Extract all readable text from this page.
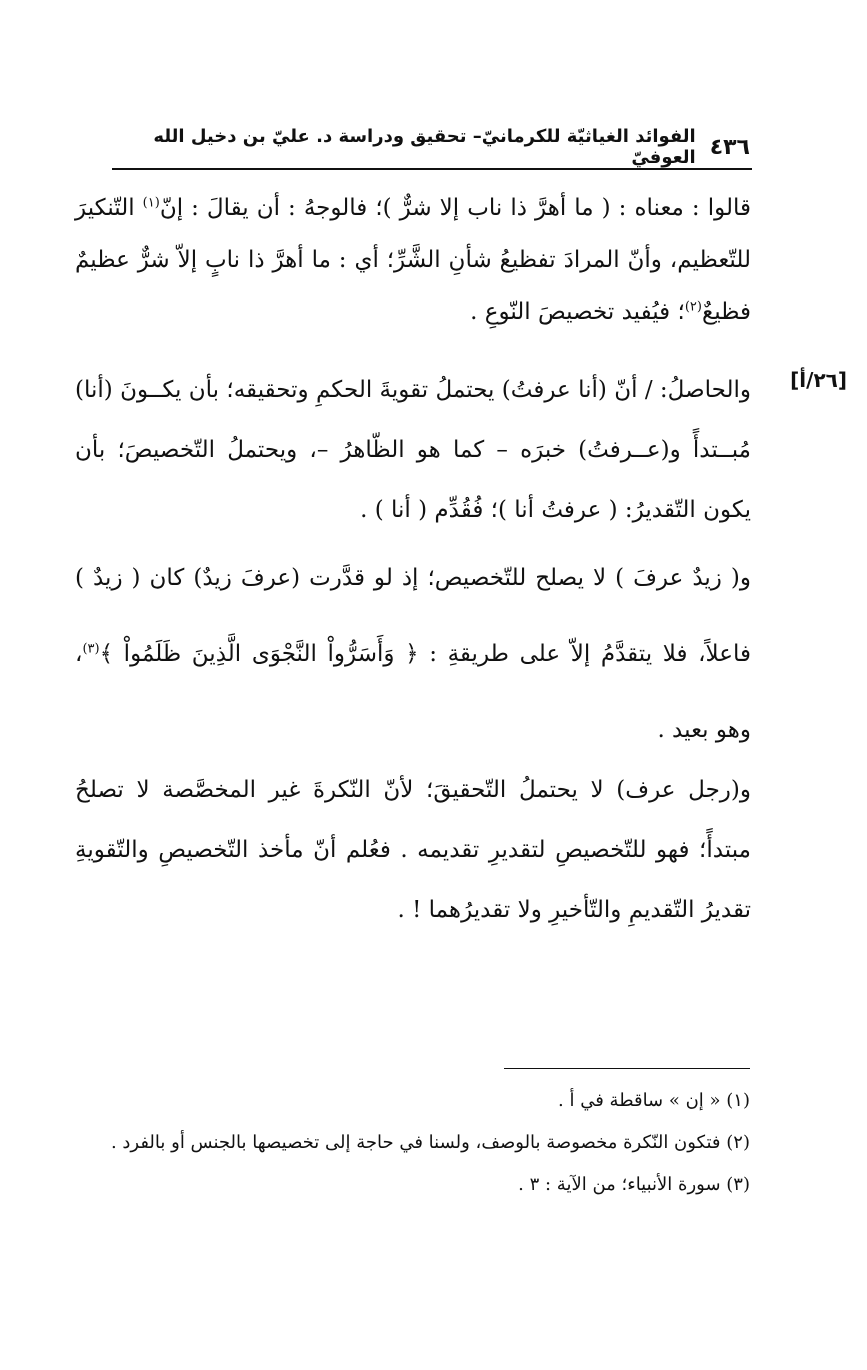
٤٣٦
الفوائد الغياثيّة للكرمانيّ– تحقيق ودراسة د. عليّ بن دخيل الله العوفيّ
[٢٦/أ]
قالوا : معناه : ( ما أهرَّ ذا ناب إلا شرٌّ )؛ فالوجهُ : أن يقالَ : إنّ$^{(١)}$ التّنكيرَ للتّعظيم، وأنّ المرادَ تفظيعُ شأنِ الشَّرِّ؛ أي : ما أهرَّ ذا نابٍ إلاّ شرٌّ عظيمٌ فظيعٌ$^{(٢)}$؛ فيُفيد تخصيصَ النّوعِ .
والحاصلُ: / أنّ (أنا عرفتُ) يحتملُ تقويةَ الحكمِ وتحقيقه؛ بأن يكــونَ (أنا) مُبــتدأً و(عــرفتُ) خبرَه – كما هو الظّاهرُ –، ويحتملُ التّخصيصَ؛ بأن يكون التّقديرُ: ( عرفتُ أنا )؛ فُقُدِّم ( أنا ) .
و( زيدٌ عرفَ ) لا يصلح للتّخصيص؛ إذ لو قدَّرت (عرفَ زيدٌ) كان ( زيدٌ ) فاعلاً، فلا يتقدَّمُ إلاّ على طريقةِ : ﴿ وَأَسَرُّواْ النَّجْوَى الَّذِينَ ظَلَمُواْ ﴾$^{(٣)}$، وهو بعيد .
و(رجل عرف) لا يحتملُ التّحقيقَ؛ لأنّ النّكرةَ غير المخصَّصة لا تصلحُ مبتدأً؛ فهو للتّخصيصِ لتقديرِ تقديمه . فعُلم أنّ مأخذ التّخصيصِ والتّقويةِ تقديرُ التّقديمِ والتّأخيرِ ولا تقديرُهما ! .
(١) « إن » ساقطة في أ .
(٢) فتكون النّكرة مخصوصة بالوصف، ولسنا في حاجة إلى تخصيصها بالجنس أو بالفرد .
(٣) سورة الأنبياء؛ من الآية : ٣ .
